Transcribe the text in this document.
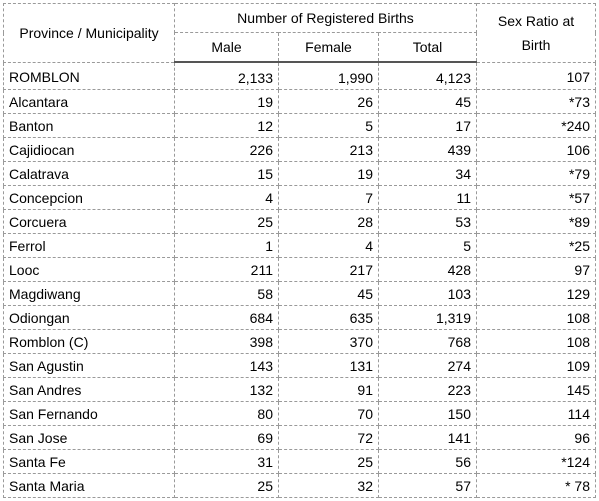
Province / Municipality	Number of Registered Births			Sex Ratio at Birth
	Male	Female	Total	
ROMBLON	2,133	1,990	4,123	107
Alcantara	19	26	45	*73
Banton	12	5	17	*240
Cajidiocan	226	213	439	106
Calatrava	15	19	34	*79
Concepcion	4	7	11	*57
Corcuera	25	28	53	*89
Ferrol	1	4	5	*25
Looc	211	217	428	97
Magdiwang	58	45	103	129
Odiongan	684	635	1,319	108
Romblon (C)	398	370	768	108
San Agustin	143	131	274	109
San Andres	132	91	223	145
San Fernando	80	70	150	114
San Jose	69	72	141	96
Santa Fe	31	25	56	*124
Santa Maria	25	32	57	* 78
